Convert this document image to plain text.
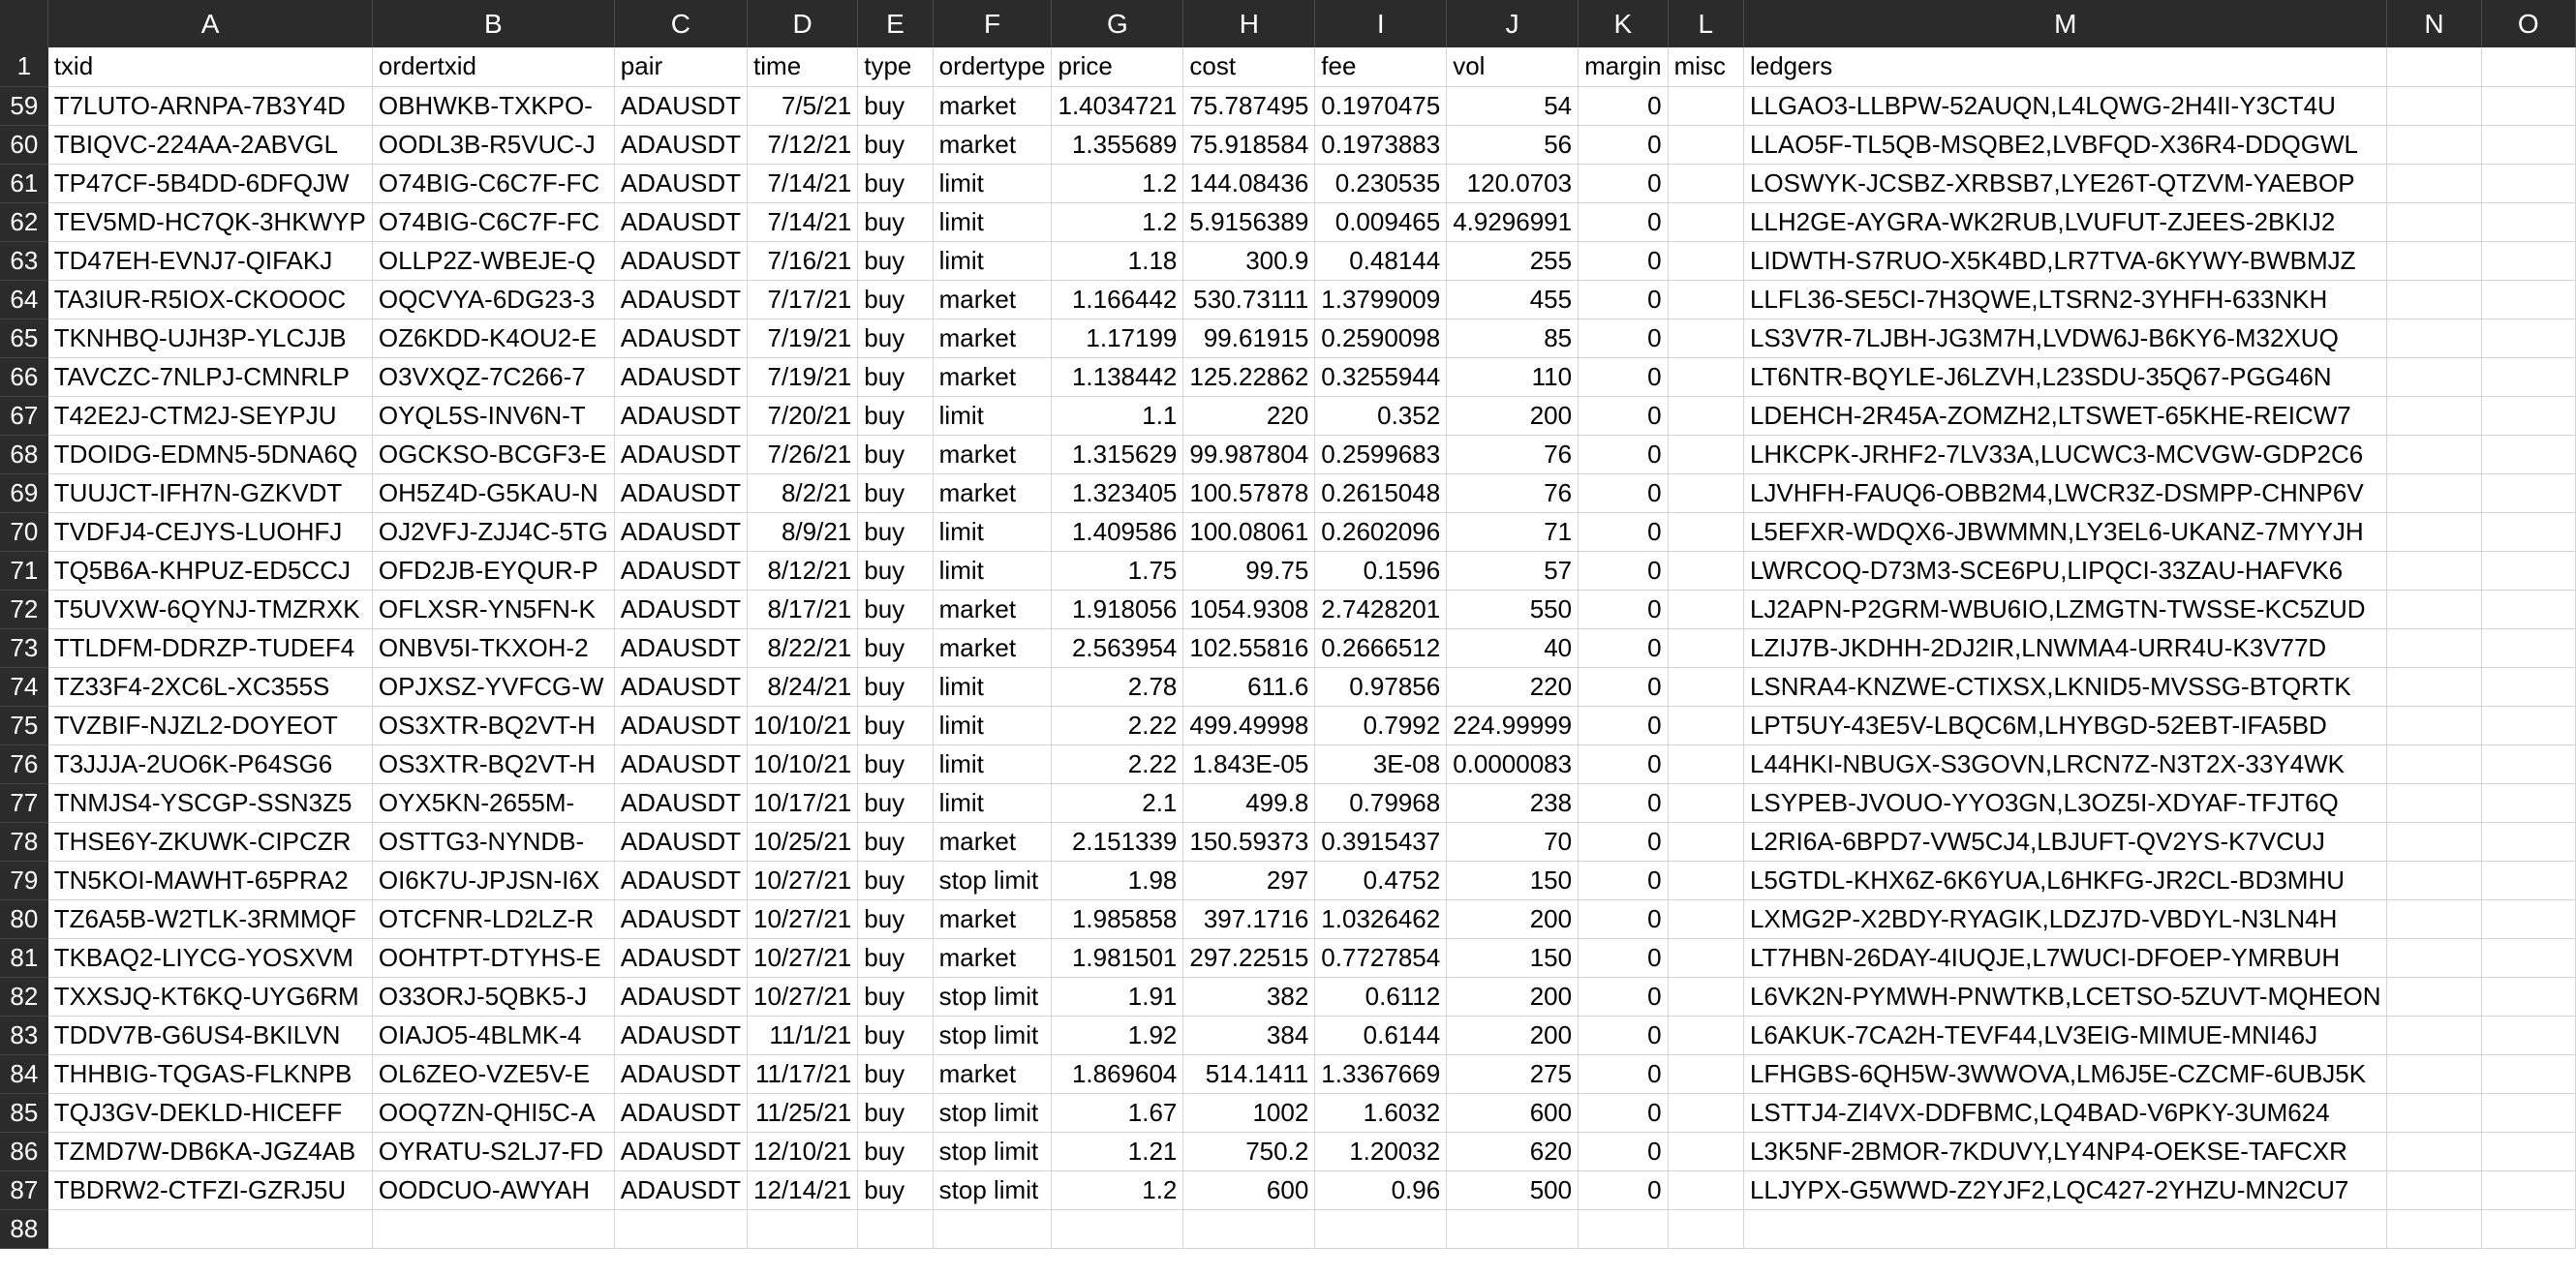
	A	B	C	D	E	F	G	H	I	J	K	L	M	N	O
1	txid	ordertxid	pair	time	type	ordertype	price	cost	fee	vol	margin	misc	ledgers		
59	T7LUTO-ARNPA-7B3Y4D	OBHWKB-TXKPO-	ADAUSDT	7/5/21	buy	market	1.4034721	75.787495	0.1970475	54	0		LLGAO3-LLBPW-52AUQN,L4LQWG-2H4II-Y3CT4U		
60	TBIQVC-224AA-2ABVGL	OODL3B-R5VUC-J	ADAUSDT	7/12/21	buy	market	1.355689	75.918584	0.1973883	56	0		LLAO5F-TL5QB-MSQBE2,LVBFQD-X36R4-DDQGWL		
61	TP47CF-5B4DD-6DFQJW	O74BIG-C6C7F-FC	ADAUSDT	7/14/21	buy	limit	1.2	144.08436	0.230535	120.0703	0		LOSWYK-JCSBZ-XRBSB7,LYE26T-QTZVM-YAEBOP		
62	TEV5MD-HC7QK-3HKWYP	O74BIG-C6C7F-FC	ADAUSDT	7/14/21	buy	limit	1.2	5.9156389	0.009465	4.9296991	0		LLH2GE-AYGRA-WK2RUB,LVUFUT-ZJEES-2BKIJ2		
63	TD47EH-EVNJ7-QIFAKJ	OLLP2Z-WBEJE-Q	ADAUSDT	7/16/21	buy	limit	1.18	300.9	0.48144	255	0		LIDWTH-S7RUO-X5K4BD,LR7TVA-6KYWY-BWBMJZ		
64	TA3IUR-R5IOX-CKOOOC	OQCVYA-6DG23-3	ADAUSDT	7/17/21	buy	market	1.166442	530.73111	1.3799009	455	0		LLFL36-SE5CI-7H3QWE,LTSRN2-3YHFH-633NKH		
65	TKNHBQ-UJH3P-YLCJJB	OZ6KDD-K4OU2-E	ADAUSDT	7/19/21	buy	market	1.17199	99.61915	0.2590098	85	0		LS3V7R-7LJBH-JG3M7H,LVDW6J-B6KY6-M32XUQ		
66	TAVCZC-7NLPJ-CMNRLP	O3VXQZ-7C266-7	ADAUSDT	7/19/21	buy	market	1.138442	125.22862	0.3255944	110	0		LT6NTR-BQYLE-J6LZVH,L23SDU-35Q67-PGG46N		
67	T42E2J-CTM2J-SEYPJU	OYQL5S-INV6N-T	ADAUSDT	7/20/21	buy	limit	1.1	220	0.352	200	0		LDEHCH-2R45A-ZOMZH2,LTSWET-65KHE-REICW7		
68	TDOIDG-EDMN5-5DNA6Q	OGCKSO-BCGF3-E	ADAUSDT	7/26/21	buy	market	1.315629	99.987804	0.2599683	76	0		LHKCPK-JRHF2-7LV33A,LUCWC3-MCVGW-GDP2C6		
69	TUUJCT-IFH7N-GZKVDT	OH5Z4D-G5KAU-N	ADAUSDT	8/2/21	buy	market	1.323405	100.57878	0.2615048	76	0		LJVHFH-FAUQ6-OBB2M4,LWCR3Z-DSMPP-CHNP6V		
70	TVDFJ4-CEJYS-LUOHFJ	OJ2VFJ-ZJJ4C-5TG	ADAUSDT	8/9/21	buy	limit	1.409586	100.08061	0.2602096	71	0		L5EFXR-WDQX6-JBWMMN,LY3EL6-UKANZ-7MYYJH		
71	TQ5B6A-KHPUZ-ED5CCJ	OFD2JB-EYQUR-P	ADAUSDT	8/12/21	buy	limit	1.75	99.75	0.1596	57	0		LWRCOQ-D73M3-SCE6PU,LIPQCI-33ZAU-HAFVK6		
72	T5UVXW-6QYNJ-TMZRXK	OFLXSR-YN5FN-K	ADAUSDT	8/17/21	buy	market	1.918056	1054.9308	2.7428201	550	0		LJ2APN-P2GRM-WBU6IO,LZMGTN-TWSSE-KC5ZUD		
73	TTLDFM-DDRZP-TUDEF4	ONBV5I-TKXOH-2	ADAUSDT	8/22/21	buy	market	2.563954	102.55816	0.2666512	40	0		LZIJ7B-JKDHH-2DJ2IR,LNWMA4-URR4U-K3V77D		
74	TZ33F4-2XC6L-XC355S	OPJXSZ-YVFCG-W	ADAUSDT	8/24/21	buy	limit	2.78	611.6	0.97856	220	0		LSNRA4-KNZWE-CTIXSX,LKNID5-MVSSG-BTQRTK		
75	TVZBIF-NJZL2-DOYEOT	OS3XTR-BQ2VT-H	ADAUSDT	10/10/21	buy	limit	2.22	499.49998	0.7992	224.99999	0		LPT5UY-43E5V-LBQC6M,LHYBGD-52EBT-IFA5BD		
76	T3JJJA-2UO6K-P64SG6	OS3XTR-BQ2VT-H	ADAUSDT	10/10/21	buy	limit	2.22	1.843E-05	3E-08	0.0000083	0		L44HKI-NBUGX-S3GOVN,LRCN7Z-N3T2X-33Y4WK		
77	TNMJS4-YSCGP-SSN3Z5	OYX5KN-2655M-	ADAUSDT	10/17/21	buy	limit	2.1	499.8	0.79968	238	0		LSYPEB-JVOUO-YYO3GN,L3OZ5I-XDYAF-TFJT6Q		
78	THSE6Y-ZKUWK-CIPCZR	OSTTG3-NYNDB-	ADAUSDT	10/25/21	buy	market	2.151339	150.59373	0.3915437	70	0		L2RI6A-6BPD7-VW5CJ4,LBJUFT-QV2YS-K7VCUJ		
79	TN5KOI-MAWHT-65PRA2	OI6K7U-JPJSN-I6X	ADAUSDT	10/27/21	buy	stop limit	1.98	297	0.4752	150	0		L5GTDL-KHX6Z-6K6YUA,L6HKFG-JR2CL-BD3MHU		
80	TZ6A5B-W2TLK-3RMMQF	OTCFNR-LD2LZ-R	ADAUSDT	10/27/21	buy	market	1.985858	397.1716	1.0326462	200	0		LXMG2P-X2BDY-RYAGIK,LDZJ7D-VBDYL-N3LN4H		
81	TKBAQ2-LIYCG-YOSXVM	OOHTPT-DTYHS-E	ADAUSDT	10/27/21	buy	market	1.981501	297.22515	0.7727854	150	0		LT7HBN-26DAY-4IUQJE,L7WUCI-DFOEP-YMRBUH		
82	TXXSJQ-KT6KQ-UYG6RM	O33ORJ-5QBK5-J	ADAUSDT	10/27/21	buy	stop limit	1.91	382	0.6112	200	0		L6VK2N-PYMWH-PNWTKB,LCETSO-5ZUVT-MQHEON		
83	TDDV7B-G6US4-BKILVN	OIAJO5-4BLMK-4	ADAUSDT	11/1/21	buy	stop limit	1.92	384	0.6144	200	0		L6AKUK-7CA2H-TEVF44,LV3EIG-MIMUE-MNI46J		
84	THHBIG-TQGAS-FLKNPB	OL6ZEO-VZE5V-E	ADAUSDT	11/17/21	buy	market	1.869604	514.1411	1.3367669	275	0		LFHGBS-6QH5W-3WWOVA,LM6J5E-CZCMF-6UBJ5K		
85	TQJ3GV-DEKLD-HICEFF	OOQ7ZN-QHI5C-A	ADAUSDT	11/25/21	buy	stop limit	1.67	1002	1.6032	600	0		LSTTJ4-ZI4VX-DDFBMC,LQ4BAD-V6PKY-3UM624		
86	TZMD7W-DB6KA-JGZ4AB	OYRATU-S2LJ7-FD	ADAUSDT	12/10/21	buy	stop limit	1.21	750.2	1.20032	620	0		L3K5NF-2BMOR-7KDUVY,LY4NP4-OEKSE-TAFCXR		
87	TBDRW2-CTFZI-GZRJ5U	OODCUO-AWYAH	ADAUSDT	12/14/21	buy	stop limit	1.2	600	0.96	500	0		LLJYPX-G5WWD-Z2YJF2,LQC427-2YHZU-MN2CU7		
88															
